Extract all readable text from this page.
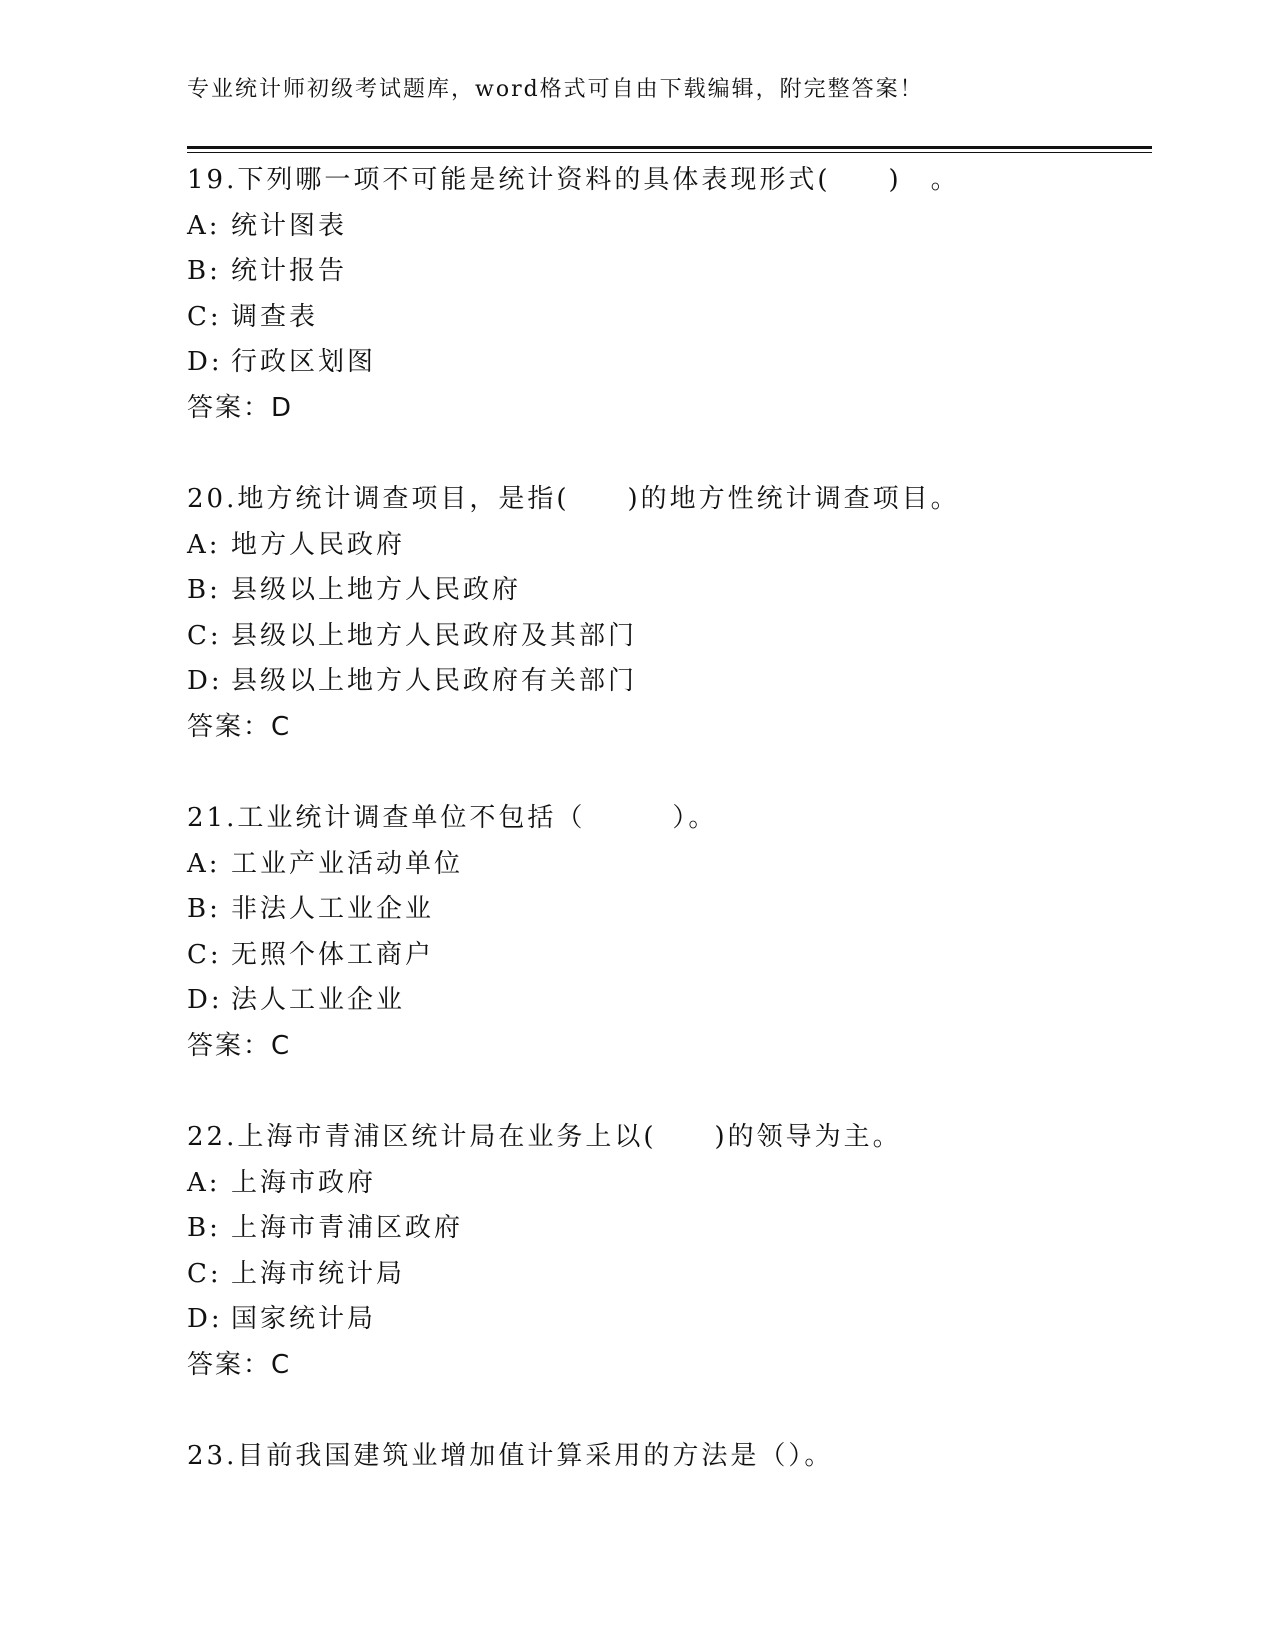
专业统计师初级考试题库，word格式可自由下载编辑，附完整答案！
19.下列哪一项不可能是统计资料的具体表现形式(　　)　。
A: 统计图表
B: 统计报告
C: 调查表
D: 行政区划图
答案：D
20.地方统计调查项目，是指(　　)的地方性统计调查项目。
A: 地方人民政府
B: 县级以上地方人民政府
C: 县级以上地方人民政府及其部门
D: 县级以上地方人民政府有关部门
答案：C
21.工业统计调查单位不包括（　　　）。
A: 工业产业活动单位
B: 非法人工业企业
C: 无照个体工商户
D: 法人工业企业
答案：C
22.上海市青浦区统计局在业务上以(　　)的领导为主。
A: 上海市政府
B: 上海市青浦区政府
C: 上海市统计局
D: 国家统计局
答案：C
23.目前我国建筑业增加值计算采用的方法是（）。
